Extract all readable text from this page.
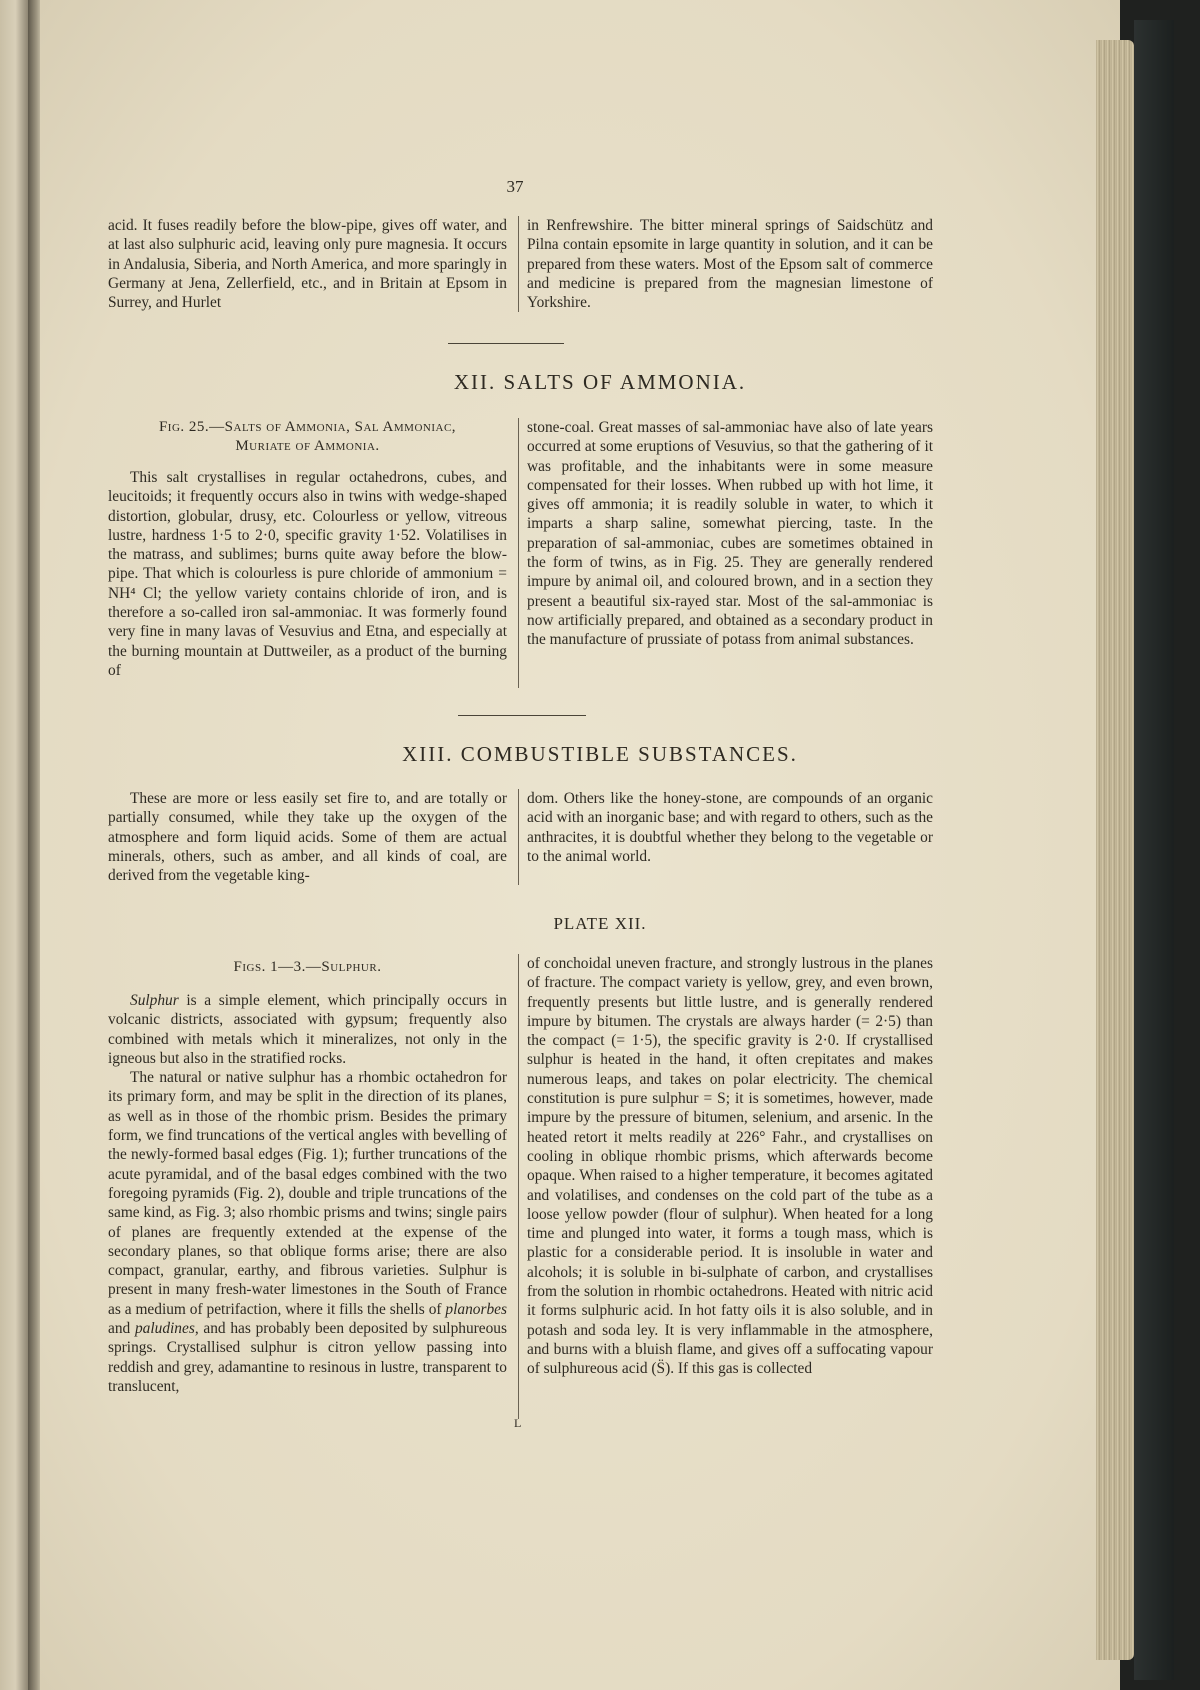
37

acid. It fuses readily before the blow-pipe, gives off water, and at last also sulphuric acid, leaving only pure magnesia. It occurs in Andalusia, Siberia, and North America, and more sparingly in Germany at Jena, Zellerfield, etc., and in Britain at Epsom in Surrey, and Hurlet

in Renfrewshire. The bitter mineral springs of Saidschütz and Pilna contain epsomite in large quantity in solution, and it can be prepared from these waters. Most of the Epsom salt of commerce and medicine is prepared from the magnesian limestone of Yorkshire.

XII. SALTS OF AMMONIA.

Fig. 25.—Salts of Ammonia, Sal Ammoniac,
Muriate of Ammonia.

This salt crystallises in regular octahedrons, cubes, and leucitoids; it frequently occurs also in twins with wedge-shaped distortion, globular, drusy, etc. Colourless or yellow, vitreous lustre, hardness 1·5 to 2·0, specific gravity 1·52. Volatilises in the matrass, and sublimes; burns quite away before the blow-pipe. That which is colourless is pure chloride of ammonium = NH⁴ Cl; the yellow variety contains chloride of iron, and is therefore a so-called iron sal-ammoniac. It was formerly found very fine in many lavas of Vesuvius and Etna, and especially at the burning mountain at Duttweiler, as a product of the burning of

stone-coal. Great masses of sal-ammoniac have also of late years occurred at some eruptions of Vesuvius, so that the gathering of it was profitable, and the inhabitants were in some measure compensated for their losses. When rubbed up with hot lime, it gives off ammonia; it is readily soluble in water, to which it imparts a sharp saline, somewhat piercing, taste. In the preparation of sal-ammoniac, cubes are sometimes obtained in the form of twins, as in Fig. 25. They are generally rendered impure by animal oil, and coloured brown, and in a section they present a beautiful six-rayed star. Most of the sal-ammoniac is now artificially prepared, and obtained as a secondary product in the manufacture of prussiate of potass from animal substances.

XIII. COMBUSTIBLE SUBSTANCES.

These are more or less easily set fire to, and are totally or partially consumed, while they take up the oxygen of the atmosphere and form liquid acids. Some of them are actual minerals, others, such as amber, and all kinds of coal, are derived from the vegetable king-

dom. Others like the honey-stone, are compounds of an organic acid with an inorganic base; and with regard to others, such as the anthracites, it is doubtful whether they belong to the vegetable or to the animal world.

PLATE XII.

Figs. 1—3.—Sulphur.

Sulphur is a simple element, which principally occurs in volcanic districts, associated with gypsum; frequently also combined with metals which it mineralizes, not only in the igneous but also in the stratified rocks.

The natural or native sulphur has a rhombic octahedron for its primary form, and may be split in the direction of its planes, as well as in those of the rhombic prism. Besides the primary form, we find truncations of the vertical angles with bevelling of the newly-formed basal edges (Fig. 1); further truncations of the acute pyramidal, and of the basal edges combined with the two foregoing pyramids (Fig. 2), double and triple truncations of the same kind, as Fig. 3; also rhombic prisms and twins; single pairs of planes are frequently extended at the expense of the secondary planes, so that oblique forms arise; there are also compact, granular, earthy, and fibrous varieties. Sulphur is present in many fresh-water limestones in the South of France as a medium of petrifaction, where it fills the shells of planorbes and paludines, and has probably been deposited by sulphureous springs. Crystallised sulphur is citron yellow passing into reddish and grey, adamantine to resinous in lustre, transparent to translucent,

of conchoidal uneven fracture, and strongly lustrous in the planes of fracture. The compact variety is yellow, grey, and even brown, frequently presents but little lustre, and is generally rendered impure by bitumen. The crystals are always harder (= 2·5) than the compact (= 1·5), the specific gravity is 2·0. If crystallised sulphur is heated in the hand, it often crepitates and makes numerous leaps, and takes on polar electricity. The chemical constitution is pure sulphur = S; it is sometimes, however, made impure by the pressure of bitumen, selenium, and arsenic. In the heated retort it melts readily at 226° Fahr., and crystallises on cooling in oblique rhombic prisms, which afterwards become opaque. When raised to a higher temperature, it becomes agitated and volatilises, and condenses on the cold part of the tube as a loose yellow powder (flour of sulphur). When heated for a long time and plunged into water, it forms a tough mass, which is plastic for a considerable period. It is insoluble in water and alcohols; it is soluble in bi-sulphate of carbon, and crystallises from the solution in rhombic octahedrons. Heated with nitric acid it forms sulphuric acid. In hot fatty oils it is also soluble, and in potash and soda ley. It is very inflammable in the atmosphere, and burns with a bluish flame, and gives off a suffocating vapour of sulphureous acid (S̈). If this gas is collected

L
